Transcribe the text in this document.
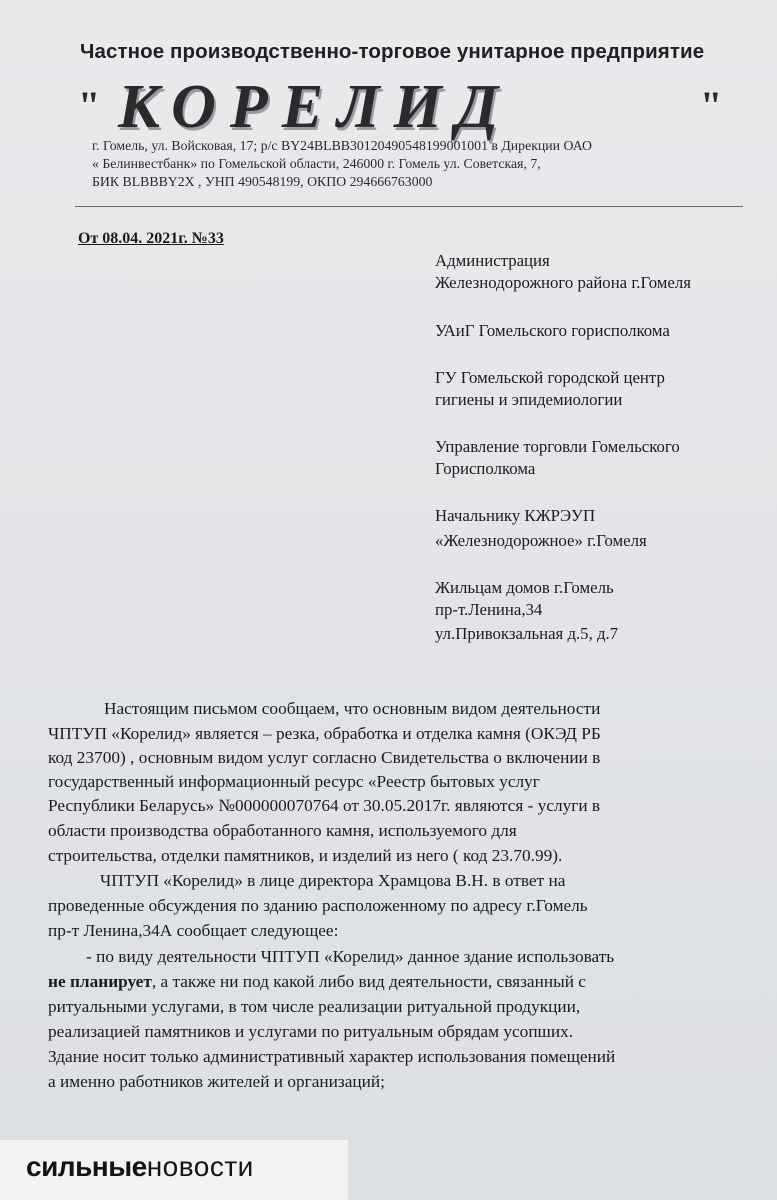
Частное производственно-торговое унитарное предприятие
" КОРЕЛИД	"
г. Гомель, ул. Войсковая, 17; р/с BY24BLBB30120490548199001001 в Дирекции ОАО
« Белинвестбанк» по Гомельской области, 246000 г. Гомель ул. Советская, 7,
БИК BLBBBY2X , УНП 490548199, ОКПО 294666763000
От 08.04. 2021г. №33
Администрация
Железнодорожного района г.Гомеля
УАиГ Гомельского горисполкома
ГУ Гомельской городской центр
гигиены и эпидемиологии
Управление торговли Гомельского
Горисполкома
Начальнику КЖРЭУП
«Железнодорожное» г.Гомеля
Жильцам домов г.Гомель
пр-т.Ленина,34
ул.Привокзальная д.5, д.7
Настоящим письмом сообщаем, что основным видом деятельности
ЧПТУП «Корелид» является – резка, обработка и отделка камня (ОКЭД РБ
код 23700) , основным видом услуг согласно Свидетельства о включении в
государственный информационный ресурс «Реестр бытовых услуг
Республики Беларусь» №000000070764 от 30.05.2017г. являются - услуги в
области производства обработанного камня, используемого для
строительства, отделки памятников, и изделий из него ( код 23.70.99).
ЧПТУП «Корелид» в лице директора Храмцова В.Н. в ответ на
проведенные обсуждения по зданию расположенному по адресу г.Гомель
пр-т Ленина,34А сообщает следующее:
- по виду деятельности ЧПТУП «Корелид» данное здание использовать
не планирует, а также ни под какой либо вид деятельности, связанный с
ритуальными услугами, в том числе реализации ритуальной продукции,
реализацией памятников и услугами по ритуальным обрядам усопших.
Здание носит только административный характер использования помещений
а именно работников жителей и организаций;
сильныеновости
